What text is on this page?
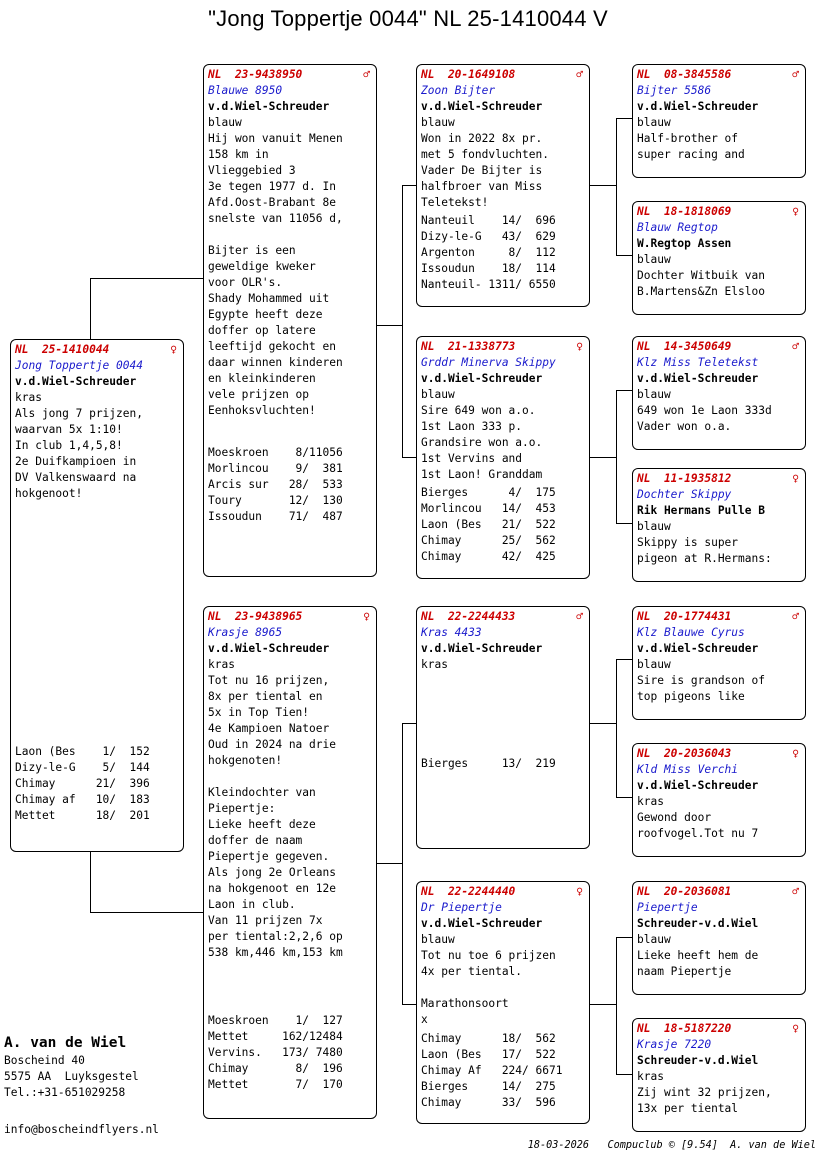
"Jong Toppertje 0044" NL 25-1410044 V
NL  25-1410044	♀
Jong Toppertje 0044
v.d.Wiel-Schreuder
kras
Als jong 7 prijzen,
waarvan 5x 1:10!
In club 1,4,5,8!
2e Duifkampioen in
DV Valkenswaard na
hokgenoot!
Laon (Bes    1/  152
Dizy-le-G    5/  144
Chimay      21/  396
Chimay af   10/  183
Mettet      18/  201
NL  23-9438950	♂
Blauwe 8950
v.d.Wiel-Schreuder
blauw
Hij won vanuit Menen
158 km in
Vlieggebied 3
3e tegen 1977 d. In
Afd.Oost-Brabant 8e
snelste van 11056 d,
Bijter is een
geweldige kweker
voor OLR's.
Shady Mohammed uit
Egypte heeft deze
doffer op latere
leeftijd gekocht en
daar winnen kinderen
en kleinkinderen
vele prijzen op
Eenhoksvluchten!
Moeskroen    8/11056
Morlincou    9/  381
Arcis sur   28/  533
Toury       12/  130
Issoudun    71/  487
NL  23-9438965	♀
Krasje 8965
v.d.Wiel-Schreuder
kras
Tot nu 16 prijzen,
8x per tiental en
5x in Top Tien!
4e Kampioen Natoer
Oud in 2024 na drie
hokgenoten!
Kleindochter van
Piepertje:
Lieke heeft deze
doffer de naam
Piepertje gegeven.
Als jong 2e Orleans
na hokgenoot en 12e
Laon in club.
Van 11 prijzen 7x
per tiental:2,2,6 op
538 km,446 km,153 km
Moeskroen    1/  127
Mettet     162/12484
Vervins.   173/ 7480
Chimay       8/  196
Mettet       7/  170
NL  20-1649108	♂
Zoon Bijter
v.d.Wiel-Schreuder
blauw
Won in 2022 8x pr.
met 5 fondvluchten.
Vader De Bijter is
halfbroer van Miss
Teletekst!
Nanteuil    14/  696
Dizy-le-G   43/  629
Argenton     8/  112
Issoudun    18/  114
Nanteuil- 1311/ 6550
NL  21-1338773	♀
Grddr Minerva Skippy
v.d.Wiel-Schreuder
blauw
Sire 649 won a.o.
1st Laon 333 p.
Grandsire won a.o.
1st Vervins and
1st Laon! Granddam
Bierges      4/  175
Morlincou   14/  453
Laon (Bes   21/  522
Chimay      25/  562
Chimay      42/  425
NL  22-2244433	♂
Kras 4433
v.d.Wiel-Schreuder
kras
Bierges     13/  219
NL  22-2244440	♀
Dr Piepertje
v.d.Wiel-Schreuder
blauw
Tot nu toe 6 prijzen
4x per tiental.
Marathonsoort
x
Chimay      18/  562
Laon (Bes   17/  522
Chimay Af   224/ 6671
Bierges     14/  275
Chimay      33/  596
NL  08-3845586	♂
Bijter 5586
v.d.Wiel-Schreuder
blauw
Half-brother of
super racing and
NL  18-1818069	♀
Blauw Regtop
W.Regtop Assen
blauw
Dochter Witbuik van
B.Martens&Zn Elsloo
NL  14-3450649	♂
Klz Miss Teletekst
v.d.Wiel-Schreuder
blauw
649 won 1e Laon 333d
Vader won o.a.
NL  11-1935812	♀
Dochter Skippy
Rik Hermans Pulle B
blauw
Skippy is super
pigeon at R.Hermans:
NL  20-1774431	♂
Klz Blauwe Cyrus
v.d.Wiel-Schreuder
blauw
Sire is grandson of
top pigeons like
NL  20-2036043	♀
Kld Miss Verchi
v.d.Wiel-Schreuder
kras
Gewond door
roofvogel.Tot nu 7
NL  20-2036081	♂
Piepertje
Schreuder-v.d.Wiel
blauw
Lieke heeft hem de
naam Piepertje
NL  18-5187220	♀
Krasje 7220
Schreuder-v.d.Wiel
kras
Zij wint 32 prijzen,
13x per tiental
A. van de Wiel
Boscheind 40
5575 AA  Luyksgestel
Tel.:+31-651029258
info@boscheindflyers.nl
18-03-2026   Compuclub © [9.54]  A. van de Wiel
